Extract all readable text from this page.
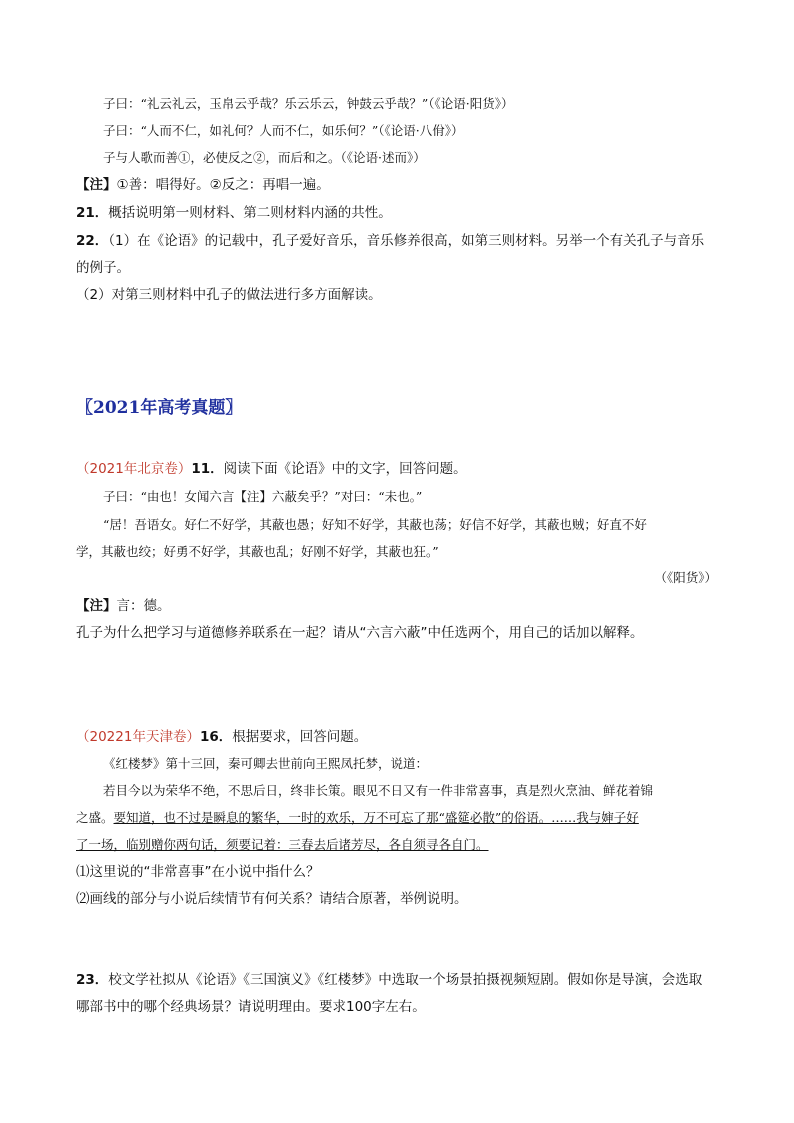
子曰：“礼云礼云，玉帛云乎哉？乐云乐云，钟鼓云乎哉？”（《论语·阳货》）
子曰：“人而不仁，如礼何？人而不仁，如乐何？”（《论语·八佾》）
子与人歌而善①，必使反之②，而后和之。（《论语·述而》）
【注】①善：唱得好。②反之：再唱一遍。
21．概括说明第一则材料、第二则材料内涵的共性。
22．（1）在《论语》的记载中，孔子爱好音乐，音乐修养很高，如第三则材料。另举一个有关孔子与音乐
的例子。
（2）对第三则材料中孔子的做法进行多方面解读。
〖2021年高考真题〗
（2021年北京卷）11．阅读下面《论语》中的文字，回答问题。
子曰：“由也！女闻六言【注】六蔽矣乎？”对曰：“未也。”
“居！吾语女。好仁不好学，其蔽也愚；好知不好学，其蔽也荡；好信不好学，其蔽也贼；好直不好
学，其蔽也绞；好勇不好学，其蔽也乱；好刚不好学，其蔽也狂。”
（《阳货》）
【注】言：德。
孔子为什么把学习与道德修养联系在一起？请从“六言六蔽”中任选两个，用自己的话加以解释。
（20221年天津卷）16．根据要求，回答问题。
《红楼梦》第十三回，秦可卿去世前向王熙凤托梦，说道：
若目今以为荣华不绝，不思后日，终非长策。眼见不日又有一件非常喜事，真是烈火烹油、鲜花着锦
之盛。要知道，也不过是瞬息的繁华，一时的欢乐，万不可忘了那“盛筵必散”的俗语。……我与婶子好
了一场，临别赠你两句话，须要记着：三春去后诸芳尽，各自须寻各自门。
⑴这里说的“非常喜事”在小说中指什么？
⑵画线的部分与小说后续情节有何关系？请结合原著，举例说明。
23．校文学社拟从《论语》《三国演义》《红楼梦》中选取一个场景拍摄视频短剧。假如你是导演，会选取
哪部书中的哪个经典场景？请说明理由。要求100字左右。
